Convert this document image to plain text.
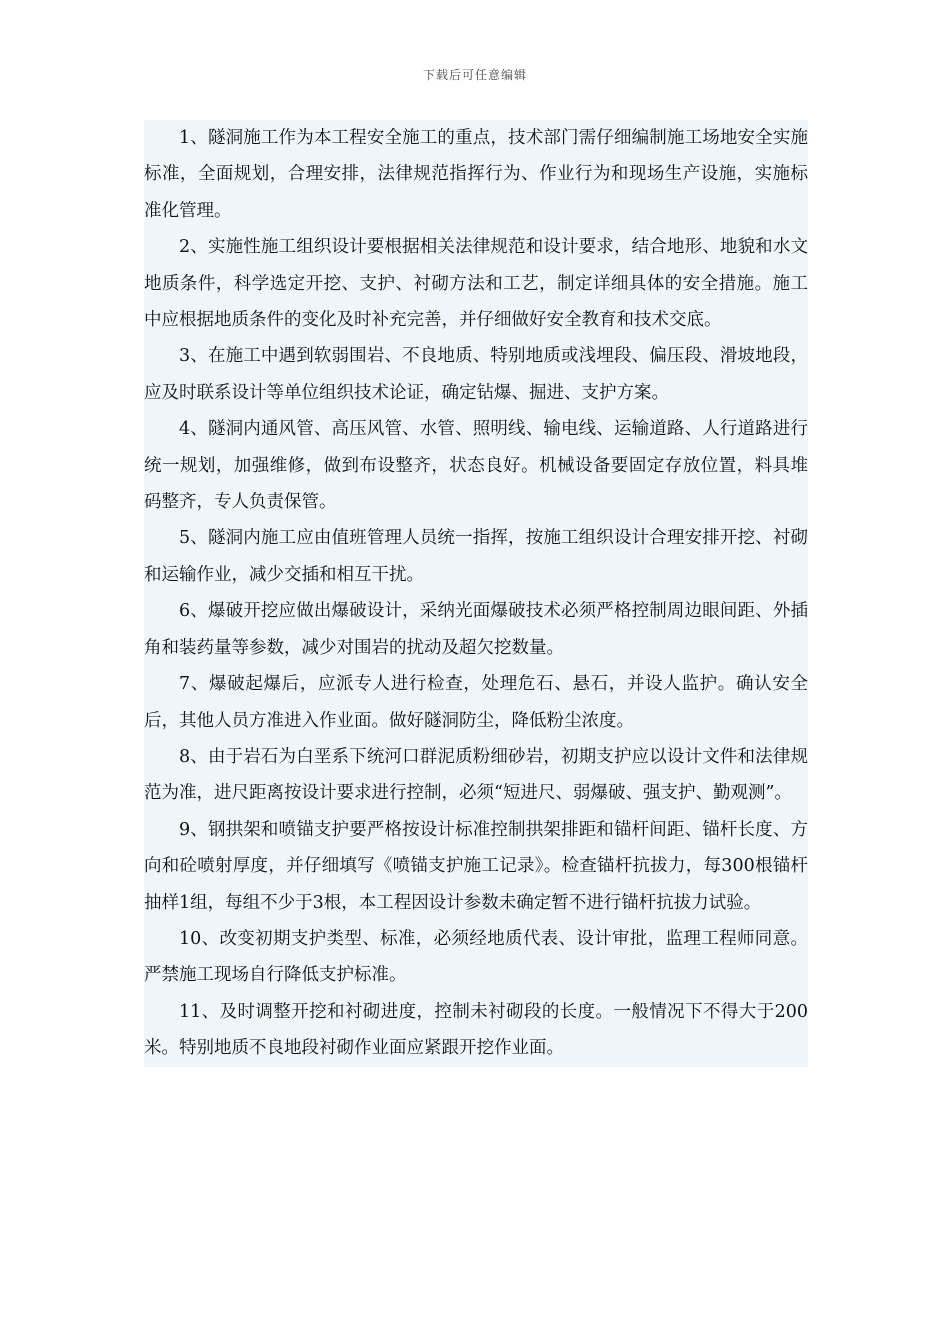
下载后可任意编辑

1、隧洞施工作为本工程安全施工的重点，技术部门需仔细编制施工场地安全实施标准，全面规划，合理安排，法律规范指挥行为、作业行为和现场生产设施，实施标准化管理。

2、实施性施工组织设计要根据相关法律规范和设计要求，结合地形、地貌和水文地质条件，科学选定开挖、支护、衬砌方法和工艺，制定详细具体的安全措施。施工中应根据地质条件的变化及时补充完善，并仔细做好安全教育和技术交底。

3、在施工中遇到软弱围岩、不良地质、特别地质或浅埋段、偏压段、滑坡地段，应及时联系设计等单位组织技术论证，确定钻爆、掘进、支护方案。

4、隧洞内通风管、高压风管、水管、照明线、输电线、运输道路、人行道路进行统一规划，加强维修，做到布设整齐，状态良好。机械设备要固定存放位置，料具堆码整齐，专人负责保管。

5、隧洞内施工应由值班管理人员统一指挥，按施工组织设计合理安排开挖、衬砌和运输作业，减少交插和相互干扰。

6、爆破开挖应做出爆破设计，采纳光面爆破技术必须严格控制周边眼间距、外插角和装药量等参数，减少对围岩的扰动及超欠挖数量。

7、爆破起爆后，应派专人进行检查，处理危石、悬石，并设人监护。确认安全后，其他人员方准进入作业面。做好隧洞防尘，降低粉尘浓度。

8、由于岩石为白垩系下统河口群泥质粉细砂岩，初期支护应以设计文件和法律规范为准，进尺距离按设计要求进行控制，必须“短进尺、弱爆破、强支护、勤观测”。

9、钢拱架和喷锚支护要严格按设计标准控制拱架排距和锚杆间距、锚杆长度、方向和砼喷射厚度，并仔细填写《喷锚支护施工记录》。检查锚杆抗拔力，每300根锚杆抽样1组，每组不少于3根，本工程因设计参数未确定暂不进行锚杆抗拔力试验。

10、改变初期支护类型、标准，必须经地质代表、设计审批，监理工程师同意。严禁施工现场自行降低支护标准。

11、及时调整开挖和衬砌进度，控制未衬砌段的长度。一般情况下不得大于200米。特别地质不良地段衬砌作业面应紧跟开挖作业面。
